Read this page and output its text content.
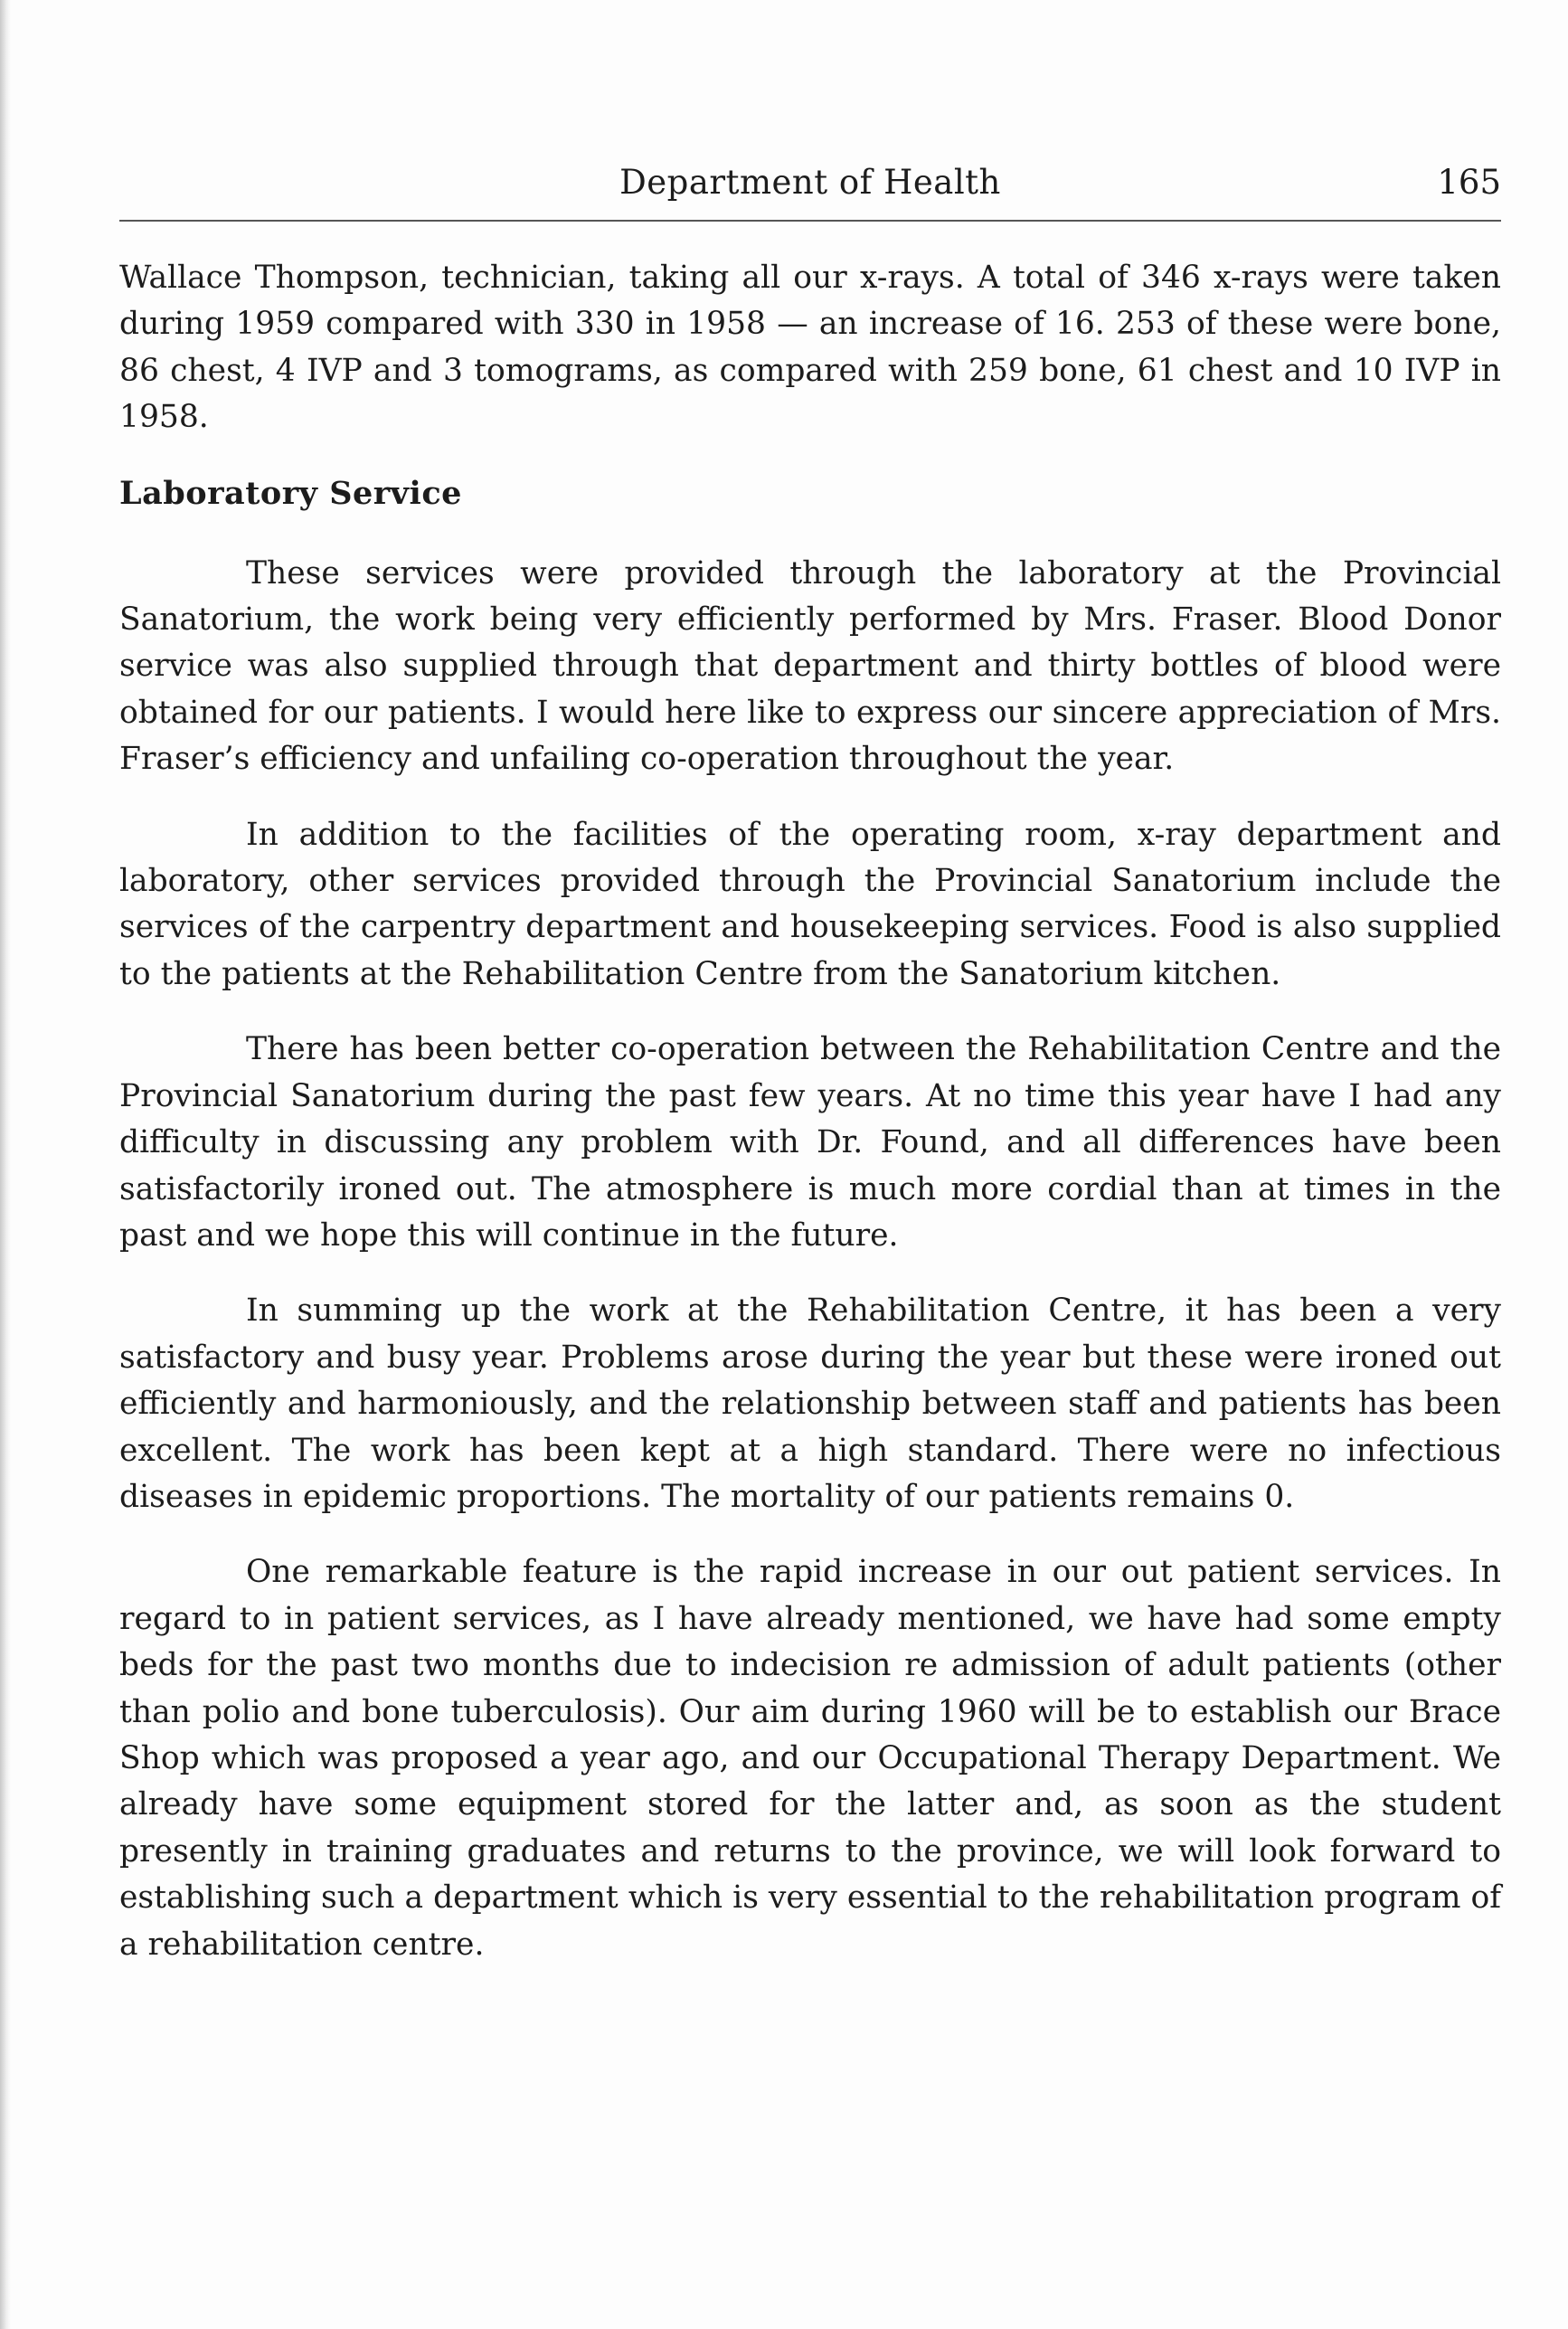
Department of Health	165

Wallace Thompson, technician, taking all our x-rays. A total of 346 x-rays were taken during 1959 compared with 330 in 1958 — an increase of 16. 253 of these were bone, 86 chest, 4 IVP and 3 tomograms, as compared with 259 bone, 61 chest and 10 IVP in 1958.

Laboratory Service

These services were provided through the laboratory at the Provincial Sanatorium, the work being very efficiently performed by Mrs. Fraser. Blood Donor service was also supplied through that department and thirty bottles of blood were obtained for our patients. I would here like to express our sincere appreciation of Mrs. Fraser’s efficiency and unfailing co-operation throughout the year.

In addition to the facilities of the operating room, x-ray department and laboratory, other services provided through the Provincial Sanatorium include the services of the carpentry department and housekeeping services. Food is also supplied to the patients at the Rehabilitation Centre from the Sanatorium kitchen.

There has been better co-operation between the Rehabilitation Centre and the Provincial Sanatorium during the past few years. At no time this year have I had any difficulty in discussing any problem with Dr. Found, and all differences have been satisfactorily ironed out. The atmosphere is much more cordial than at times in the past and we hope this will continue in the future.

In summing up the work at the Rehabilitation Centre, it has been a very satisfactory and busy year. Problems arose during the year but these were ironed out efficiently and harmoniously, and the relationship between staff and patients has been excellent. The work has been kept at a high standard. There were no infectious diseases in epidemic proportions. The mortality of our patients remains 0.

One remarkable feature is the rapid increase in our out patient services. In regard to in patient services, as I have already mentioned, we have had some empty beds for the past two months due to indecision re admission of adult patients (other than polio and bone tuberculosis). Our aim during 1960 will be to establish our Brace Shop which was proposed a year ago, and our Occupational Therapy Department. We already have some equipment stored for the latter and, as soon as the student presently in training graduates and returns to the province, we will look forward to establishing such a department which is very essential to the rehabilitation program of a rehabilitation centre.
